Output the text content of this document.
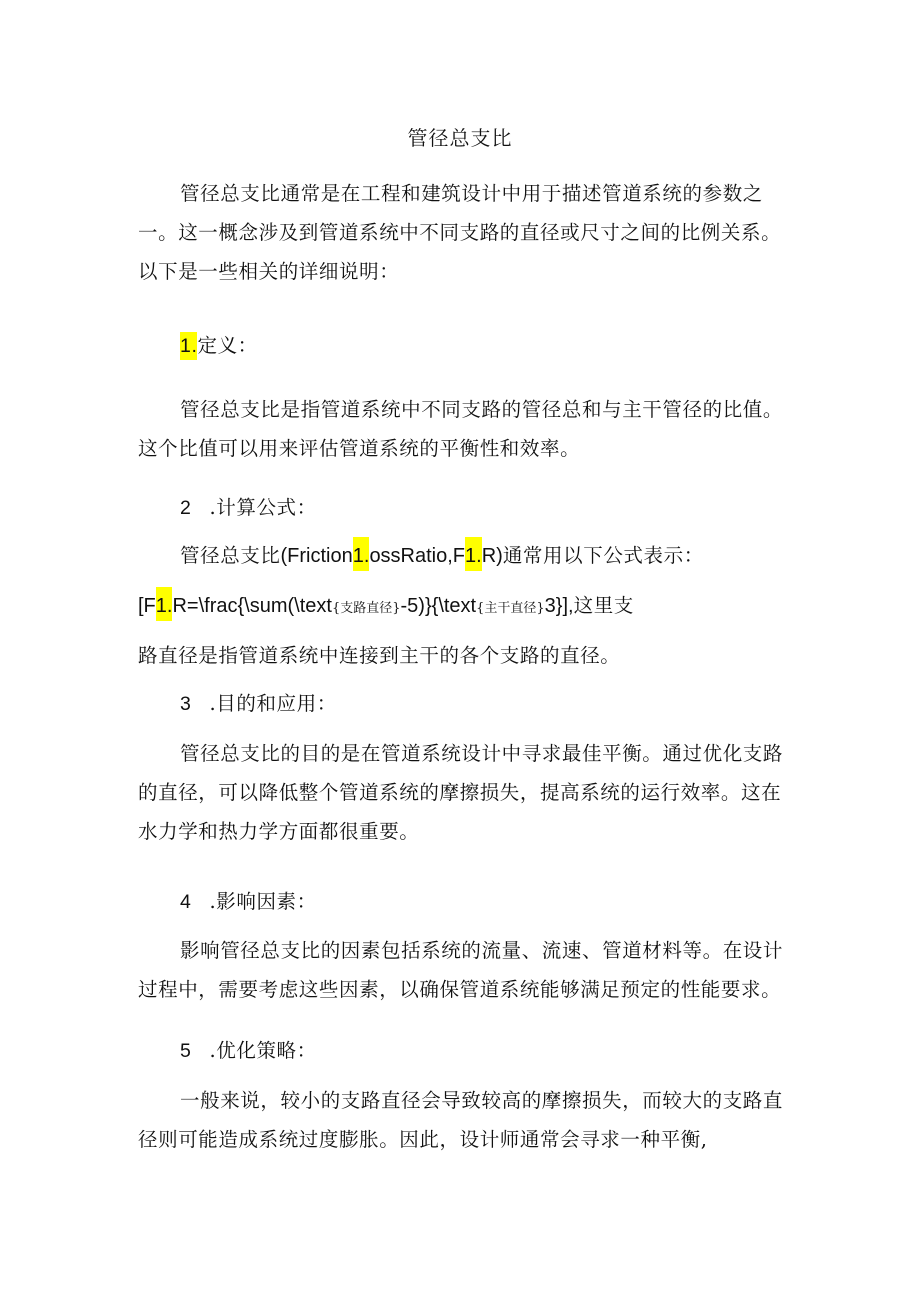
管径总支比
管径总支比通常是在工程和建筑设计中用于描述管道系统的参数之一。这一概念涉及到管道系统中不同支路的直径或尺寸之间的比例关系。以下是一些相关的详细说明：
1.定义：
管径总支比是指管道系统中不同支路的管径总和与主干管径的比值。这个比值可以用来评估管道系统的平衡性和效率。
2 .计算公式：
管径总支比(Friction1.ossRatio,F1.R)通常用以下公式表示：
[F1.R=\frac{\sum(\text{支路直径}-5)}{\text{主干直径}3}],这里支
路直径是指管道系统中连接到主干的各个支路的直径。
3 .目的和应用：
管径总支比的目的是在管道系统设计中寻求最佳平衡。通过优化支路的直径，可以降低整个管道系统的摩擦损失，提高系统的运行效率。这在水力学和热力学方面都很重要。
4 .影响因素：
影响管径总支比的因素包括系统的流量、流速、管道材料等。在设计过程中，需要考虑这些因素，以确保管道系统能够满足预定的性能要求。
5 .优化策略：
一般来说，较小的支路直径会导致较高的摩擦损失，而较大的支路直径则可能造成系统过度膨胀。因此，设计师通常会寻求一种平衡,
